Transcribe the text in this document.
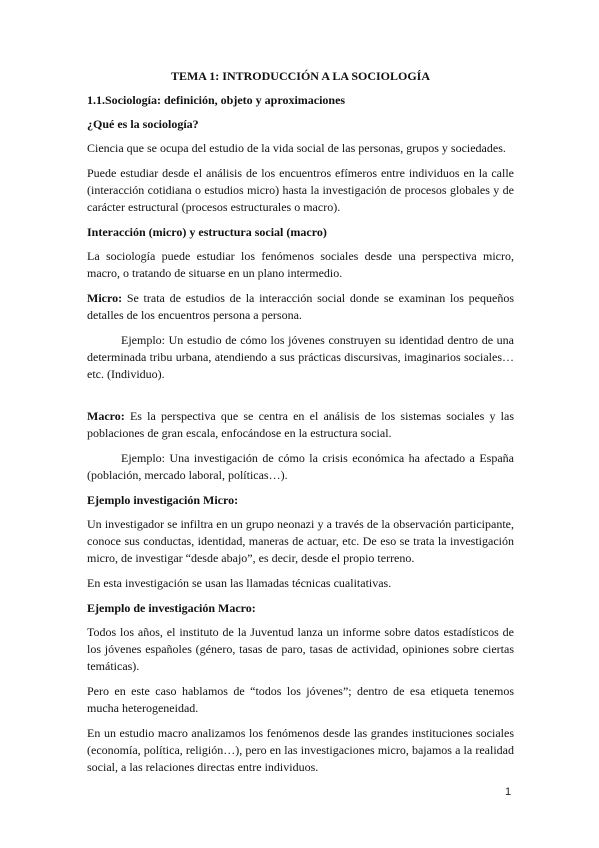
TEMA 1: INTRODUCCIÓN A LA SOCIOLOGÍA
1.1.Sociología: definición, objeto y aproximaciones
¿Qué es la sociología?

Ciencia que se ocupa del estudio de la vida social de las personas, grupos y sociedades.

Puede estudiar desde el análisis de los encuentros efímeros entre individuos en la calle (interacción cotidiana o estudios micro) hasta la investigación de procesos globales y de carácter estructural (procesos estructurales o macro).

Interacción (micro) y estructura social (macro)

La sociología puede estudiar los fenómenos sociales desde una perspectiva micro, macro, o tratando de situarse en un plano intermedio.

Micro: Se trata de estudios de la interacción social donde se examinan los pequeños detalles de los encuentros persona a persona.

Ejemplo: Un estudio de cómo los jóvenes construyen su identidad dentro de una determinada tribu urbana, atendiendo a sus prácticas discursivas, imaginarios sociales… etc. (Individuo).

Macro: Es la perspectiva que se centra en el análisis de los sistemas sociales y las poblaciones de gran escala, enfocándose en la estructura social.

Ejemplo: Una investigación de cómo la crisis económica ha afectado a España (población, mercado laboral, políticas…).

Ejemplo investigación Micro:

Un investigador se infiltra en un grupo neonazi y a través de la observación participante, conoce sus conductas, identidad, maneras de actuar, etc. De eso se trata la investigación micro, de investigar “desde abajo”, es decir, desde el propio terreno.

En esta investigación se usan las llamadas técnicas cualitativas.

Ejemplo de investigación Macro:

Todos los años, el instituto de la Juventud lanza un informe sobre datos estadísticos de los jóvenes españoles (género, tasas de paro, tasas de actividad, opiniones sobre ciertas temáticas).

Pero en este caso hablamos de “todos los jóvenes”; dentro de esa etiqueta tenemos mucha heterogeneidad.

En un estudio macro analizamos los fenómenos desde las grandes instituciones sociales (economía, política, religión…), pero en las investigaciones micro, bajamos a la realidad social, a las relaciones directas entre individuos.

1
